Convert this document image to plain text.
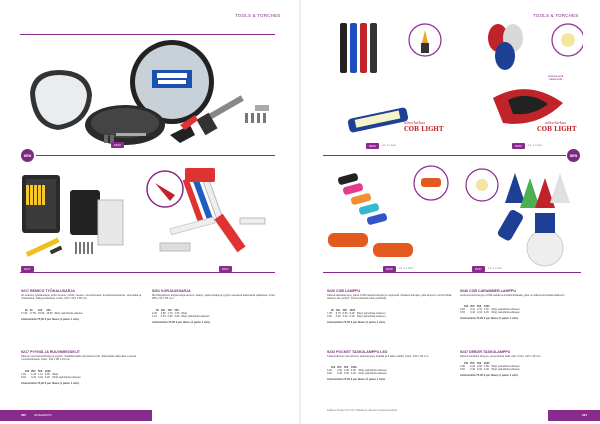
TOOLS & TORCHES
9123
NEW
9217	9217
9217 REMICO TYÖKALUSARJA
20-osainen työkalusarja, johon kuuluu: pihdit, vasara, ruuvimeisselit, kuusiokoloavaimet, vesivaaka ja mittanauha. Säilytysrasiassa. Koko: 216 x 216 x 58 mm.
25	50	100	250	
17.90	17.50	16.90	16.50	€/kpl, painohinta erikseen
Aloitushinta 75,00 € per tilaus (1 paino 1 väri).
9261 KORJAUSSARJA
Monikäyttöinen korjaussarja autoon: kaavin, jäänpoistaja ja pyyhin samassa kätevässä paketissa. Koko: 285 x 60 x 55 mm.
50	100	250	500	
2.06	1.86	1.76	1.66	€/kpl
1.12	0.93	0.86	0.80	€/kpl, painohinta erikseen
Aloitushinta 75,00 € per tilaus (1 paino 1 väri).
9217 PYYNIÄ JA RUUVIMEISSELIT
Kätevä ruuvimeisselisarja ja pyyhin. Sisältää kaikki tarvittavat terät. Säilytetään kätevästi omassa muovikotelossa. Koko: 162 x 98 x 43 mm.
100	250	500	1000	
1.60	1.29	1.12	0.99	€/kpl
0.62	0.42	0.32	0.26	€/kpl, painohinta erikseen
Aloitushinta 75,00 € per tilaus (1 paino 1 väri).
220	GIVEAWAYS
TOOLS & TORCHES
ultra-kirkas
COB LIGHT
Avaimenperä
valaisimella
ultra-kirkas
COB LIGHT
9224	sis. 3 x AAA	9226	sis. 3 x AAA
NEW
9229	sis. 3 x AAA	9247	sis. 3 x AAA
9226 COB LAMPPU
Kätevä taskulamppu, jossa COB-valoteknologia ja magneetti. Mukana kiinnike, jolla lampun voi kiinnittää taskuun tai vyöhön. Toimii kolmella AAA-paristolla.
50	100	250	1000	
7.45	6.75	6.50	6.28	€/kpl, painohinta erikseen
0.62	0.40	0.32	0.28	€/kpl, painohinta erikseen
Aloitushinta 75,00 € per tilaus (1 paino 1 väri).
9246 COB CARABINER-LAMPPU
Avaimenperä-lamppu COB-valolla ja karabiinihakalla, joka on kätevä kiinnittää laukkuun.
100	250	500	1000	
3.26	3.12	2.76	2.52	€/kpl, painohinta erikseen
0.54	0.40	0.32	0.26	€/kpl, painohinta erikseen
Aloitushinta 75,00 € per tilaus (1 paino 1 väri).
9233 POCKET TASKULAMPPU LED
Taskukokoinen alumiininen taskulamppu lenkillä ja 9 LED-valolla. Koko: 100 x 26 mm.
100	250	500	1000	
3.22	2.84	2.46	2.28	€/kpl, painohinta erikseen
0.62	0.38	0.30	0.26	€/kpl, painohinta erikseen
Aloitushinta 75,00 € per tilaus (1 paino 1 väri).
9247 DEBOR TASKULAMPPU
Kätevä karabiini lamppu, jossa kirkas LED-valo. Koko: 125 x 45 mm.
100	250	500	1000	
2.56	2.25	2.06	1.89	€/kpl, painohinta erikseen
0.52	0.40	0.32	0.26	€/kpl, painohinta erikseen
Aloitushinta 75,00 € per tilaus (1 paino 1 väri).
Kaikkien hintojen ALV 0%. Pidätämme oikeuden hinnanmuutoksiin.
221
